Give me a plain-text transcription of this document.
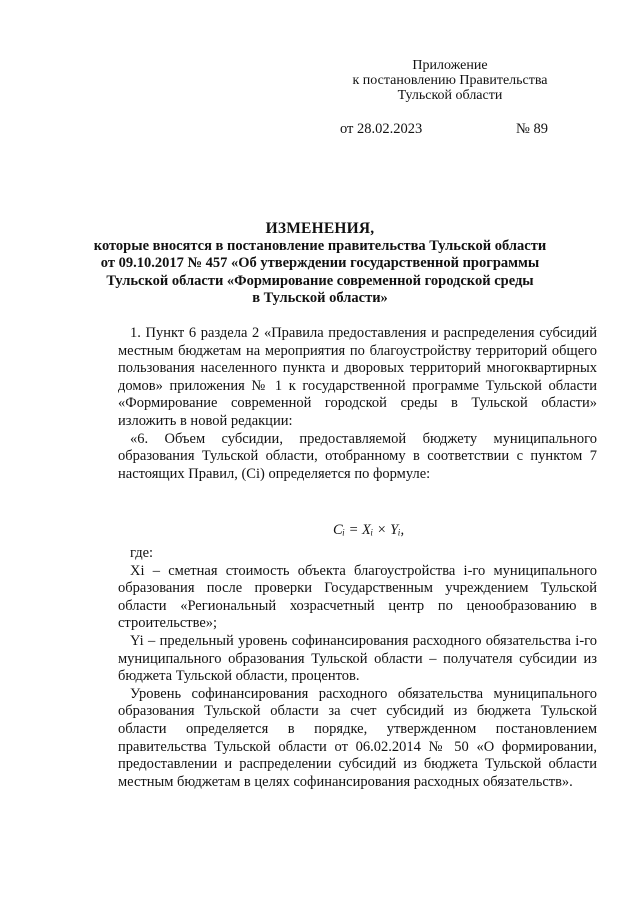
Приложение
к постановлению Правительства
Тульской области
от 28.02.2023	№ 89
ИЗМЕНЕНИЯ,
которые вносятся в постановление правительства Тульской области
от 09.10.2017 № 457 «Об утверждении государственной программы
Тульской области «Формирование современной городской среды
в Тульской области»

1. Пункт 6 раздела 2 «Правила предоставления и распределения субсидий местным бюджетам на мероприятия по благоустройству территорий общего пользования населенного пункта и дворовых территорий многоквартирных домов» приложения № 1 к государственной программе Тульской области «Формирование современной городской среды в Тульской области» изложить в новой редакции:

«6. Объем субсидии, предоставляемой бюджету муниципального образования Тульской области, отобранному в соответствии с пунктом 7 настоящих Правил, (Ci) определяется по формуле:

Cᵢ = Xᵢ × Yᵢ,

где:

Xi – сметная стоимость объекта благоустройства i-го муниципального образования после проверки Государственным учреждением Тульской области «Региональный хозрасчетный центр по ценообразованию в строительстве»;

Yi – предельный уровень софинансирования расходного обязательства i-го муниципального образования Тульской области – получателя субсидии из бюджета Тульской области, процентов.

Уровень софинансирования расходного обязательства муниципального образования Тульской области за счет субсидий из бюджета Тульской области определяется в порядке, утвержденном постановлением правительства Тульской области от 06.02.2014 № 50 «О формировании, предоставлении и распределении субсидий из бюджета Тульской области местным бюджетам в целях софинансирования расходных обязательств».
